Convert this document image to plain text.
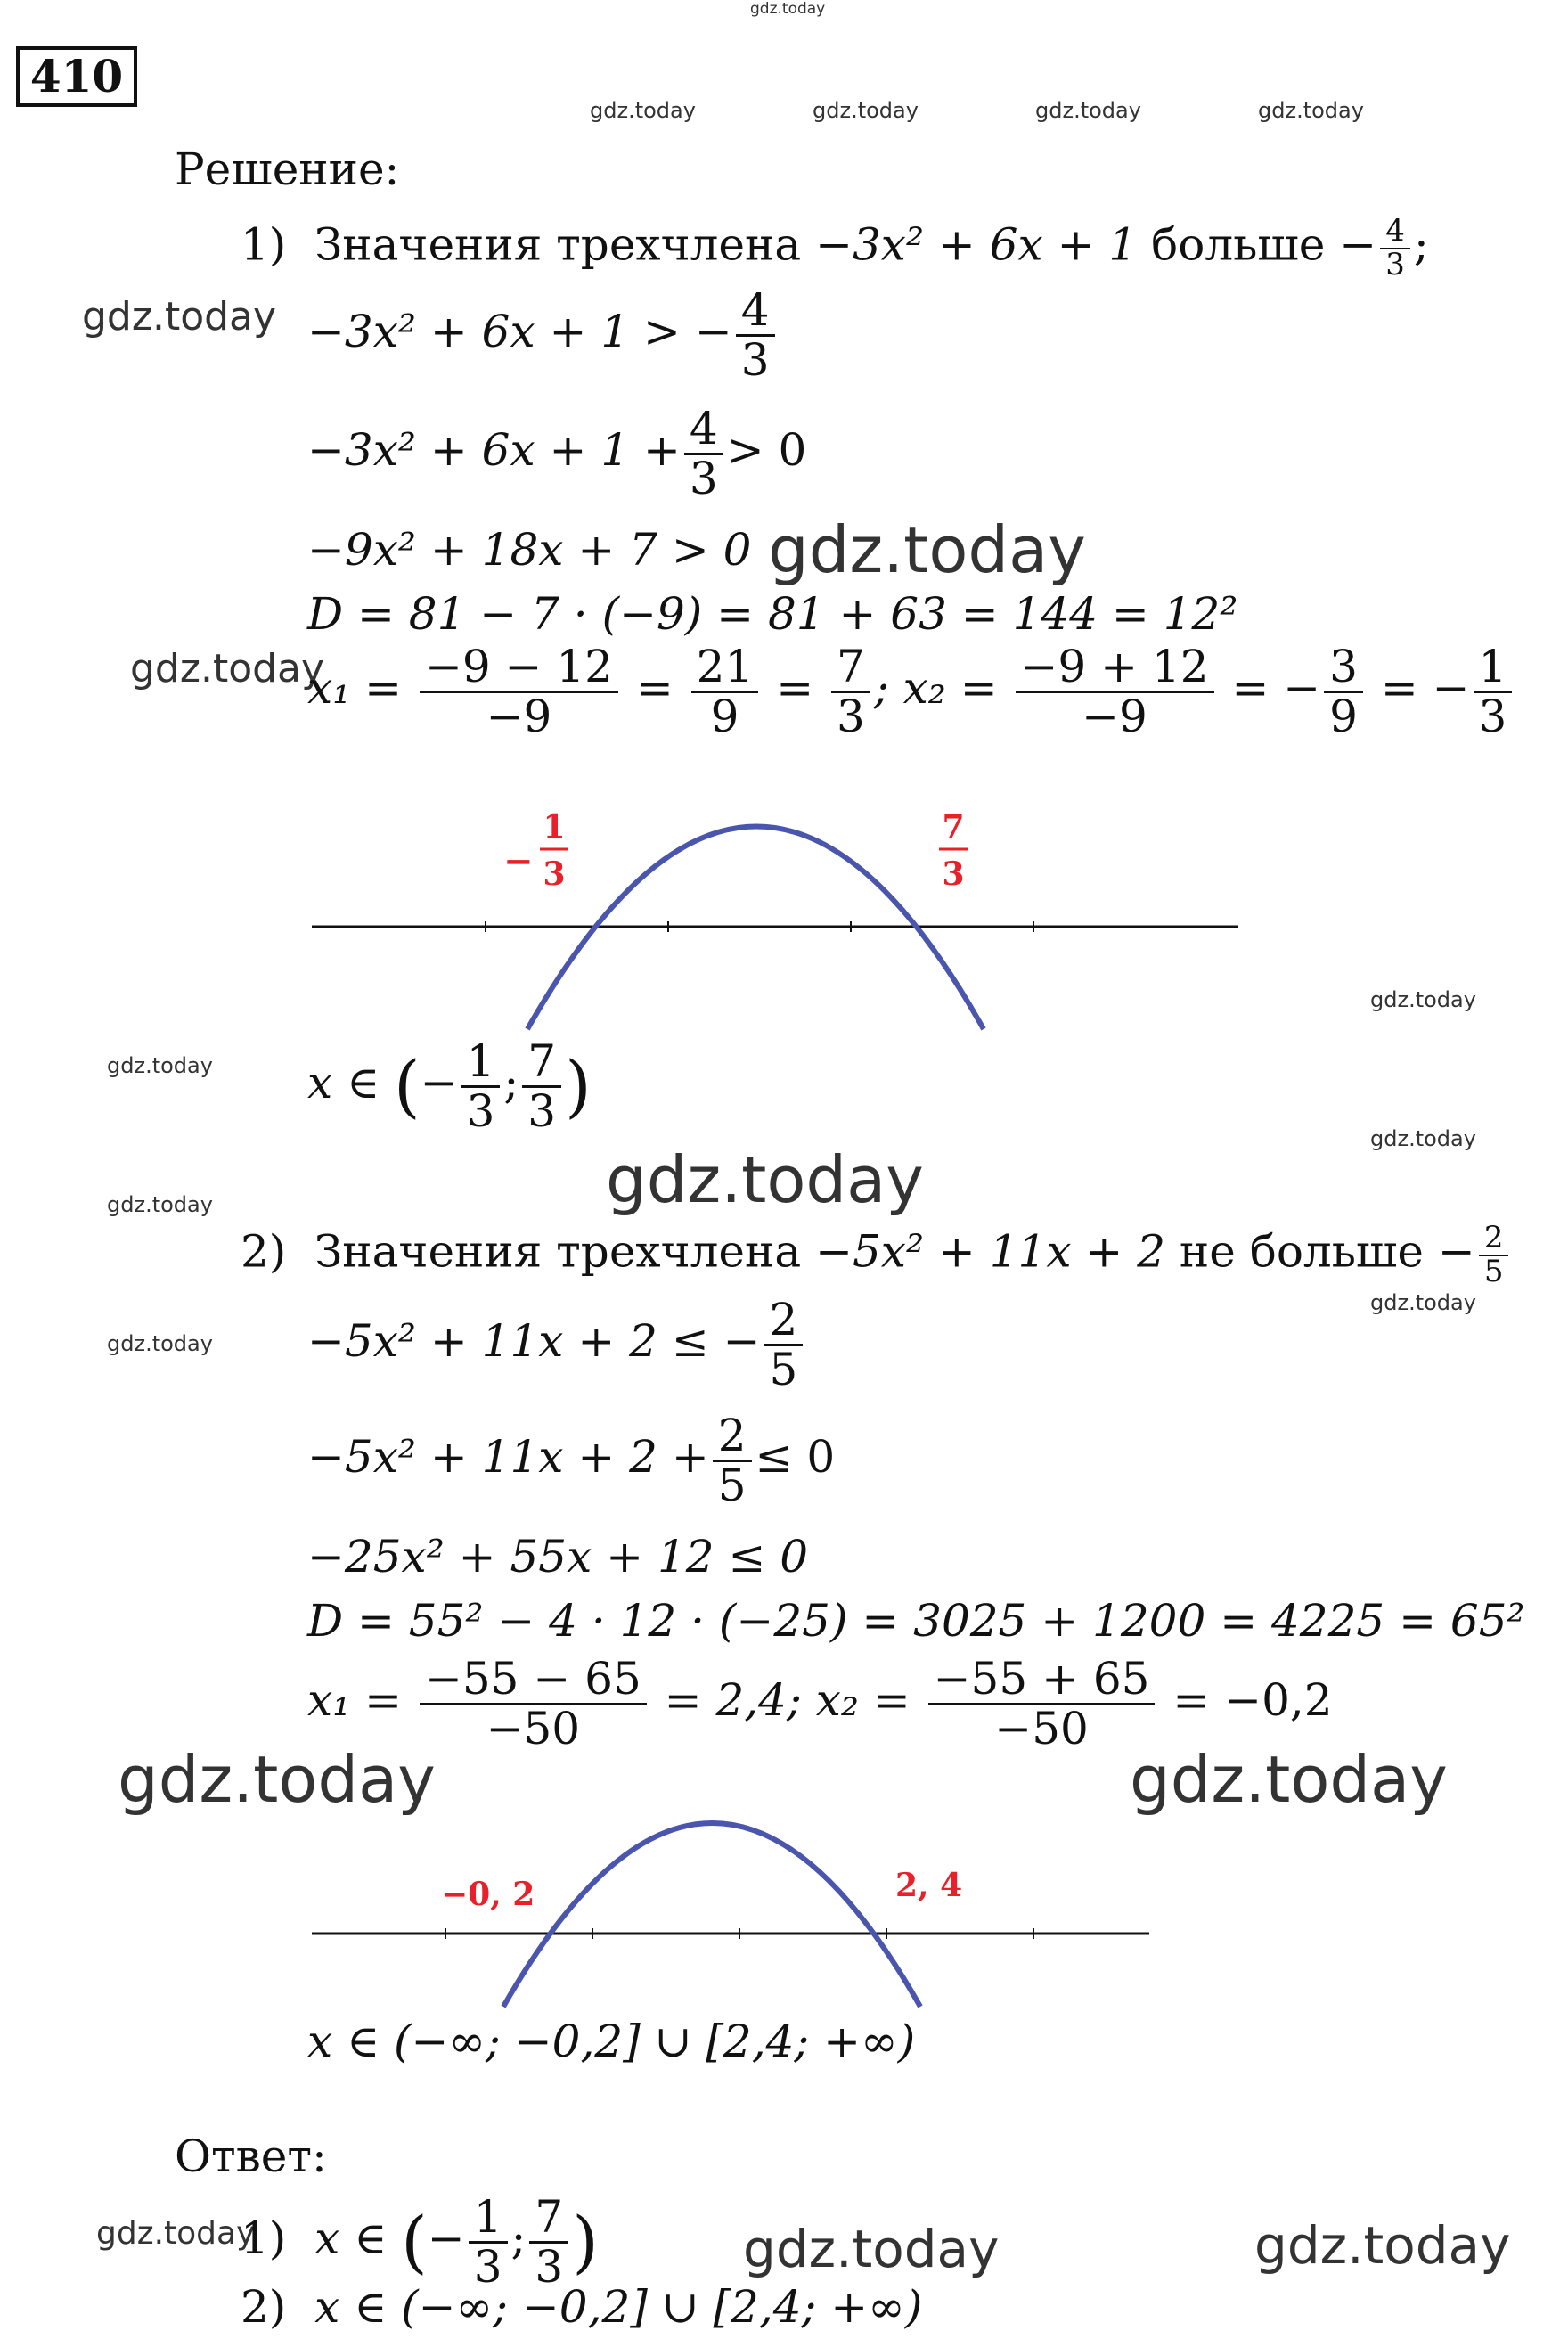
410
gdz.today
gdz.today	gdz.today	gdz.today	gdz.today
Решение:
1) Значения трехчлена −3x² + 6x + 1 больше − $\frac{4}{3}$ ;
gdz.today −3x² + 6x + 1 > − $\frac{4}{3}$
$-3x^2 + 6x + 1 + \frac{4}{3} > 0$
−9x² + 18x + 7 > 0 gdz.today
D = 81 − 7 · (−9) = 81 + 63 = 144 = 12²
gdz.today
$x_1 = \frac{-9 - 12}{-9} = \frac{21}{9} = \frac{7}{3}$ ; $x_2 = \frac{-9 + 12}{-9}$ = − $\frac{3}{9}$ = − $\frac{1}{3}$
−
1
3
7
3
gdz.today
gdz.today x ∈ (− $\frac{1}{3}$ ; $\frac{7}{3}$ )
gdz.today
gdz.today
gdz.today
2) Значения трехчлена −5x² + 11x + 2 не больше − $\frac{2}{5}$
gdz.today
gdz.today −5x² + 11x + 2 ≤ − $\frac{2}{5}$
$-5x^2 + 11x + 2 + \frac{2}{5} \le 0$
−25x² + 55x + 12 ≤ 0
D = 55² − 4 · 12 · (−25) = 3025 + 1200 = 4225 = 65²
$x_1 = \frac{-55 - 65}{-50} = 2,4$; $x_2 = \frac{-55 + 65}{-50} = -0,2$
gdz.today	gdz.today
−0, 2	2, 4
x ∈ (−∞; −0,2] ∪ [2,4; +∞)
Ответ:
gdz.today
1) x ∈ (− $\frac{1}{3}$ ; $\frac{7}{3}$ )	gdz.today	gdz.today
2) x ∈ (−∞; −0,2] ∪ [2,4; +∞)
